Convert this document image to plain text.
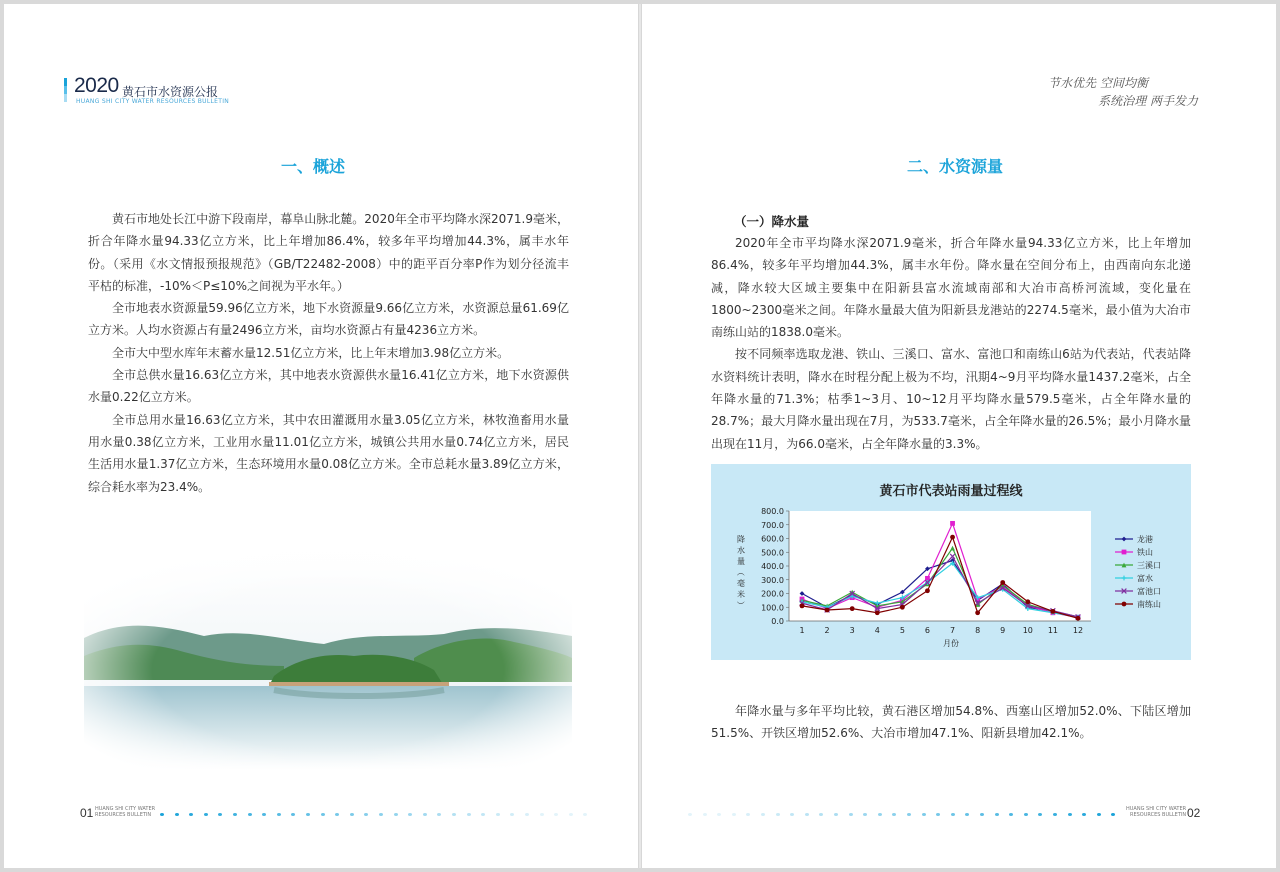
2020 黄石市水资源公报
HUANG SHI CITY WATER RESOURCES BULLETIN
节水优先 空间均衡
系统治理 两手发力
一、概述

黄石市地处长江中游下段南岸，幕阜山脉北麓。2020年全市平均降水深2071.9毫米，折合年降水量94.33亿立方米，比上年增加86.4%，较多年平均增加44.3%，属丰水年份。（采用《水文情报预报规范》（GB/T22482-2008）中的距平百分率P作为划分径流丰平枯的标准，-10%＜P≤10%之间视为平水年。）

全市地表水资源量59.96亿立方米，地下水资源量9.66亿立方米，水资源总量61.69亿立方米。人均水资源占有量2496立方米，亩均水资源占有量4236立方米。

全市大中型水库年末蓄水量12.51亿立方米，比上年末增加3.98亿立方米。

全市总供水量16.63亿立方米，其中地表水资源供水量16.41亿立方米，地下水资源供水量0.22亿立方米。

全市总用水量16.63亿立方米，其中农田灌溉用水量3.05亿立方米，林牧渔畜用水量用水量0.38亿立方米，工业用水量11.01亿立方米，城镇公共用水量0.74亿立方米，居民生活用水量1.37亿立方米，生态环境用水量0.08亿立方米。全市总耗水量3.89亿立方米，综合耗水率为23.4%。

二、水资源量
（一）降水量

2020年全市平均降水深2071.9毫米，折合年降水量94.33亿立方米，比上年增加86.4%，较多年平均增加44.3%，属丰水年份。降水量在空间分布上，由西南向东北递减，降水较大区域主要集中在阳新县富水流域南部和大冶市高桥河流域，变化量在1800~2300毫米之间。年降水量最大值为阳新县龙港站的2274.5毫米，最小值为大冶市南练山站的1838.0毫米。

按不同频率选取龙港、铁山、三溪口、富水、富池口和南练山6站为代表站，代表站降水资料统计表明，降水在时程分配上极为不均，汛期4~9月平均降水量1437.2毫米，占全年降水量的71.3%；枯季1~3月、10~12月平均降水量579.5毫米，占全年降水量的28.7%；最大月降水量出现在7月，为533.7毫米，占全年降水量的26.5%；最小月降水量出现在11月，为66.0毫米，占全年降水量的3.3%。

黄石市代表站雨量过程线
降
水
量
（
毫
米
）
月份
0.0
100.0
200.0
300.0
400.0
500.0
600.0
700.0
800.0
1 2 3 4 5 6 7 8 9 10 11 12
龙港
铁山
三溪口
富水
富池口
南练山

年降水量与多年平均比较，黄石港区增加54.8%、西塞山区增加52.0%、下陆区增加51.5%、开铁区增加52.6%、大冶市增加47.1%、阳新县增加42.1%。

01 HUANG SHI CITY WATER
RESOURCES BULLETIN
HUANG SHI CITY WATER
RESOURCES BULLETIN 02
